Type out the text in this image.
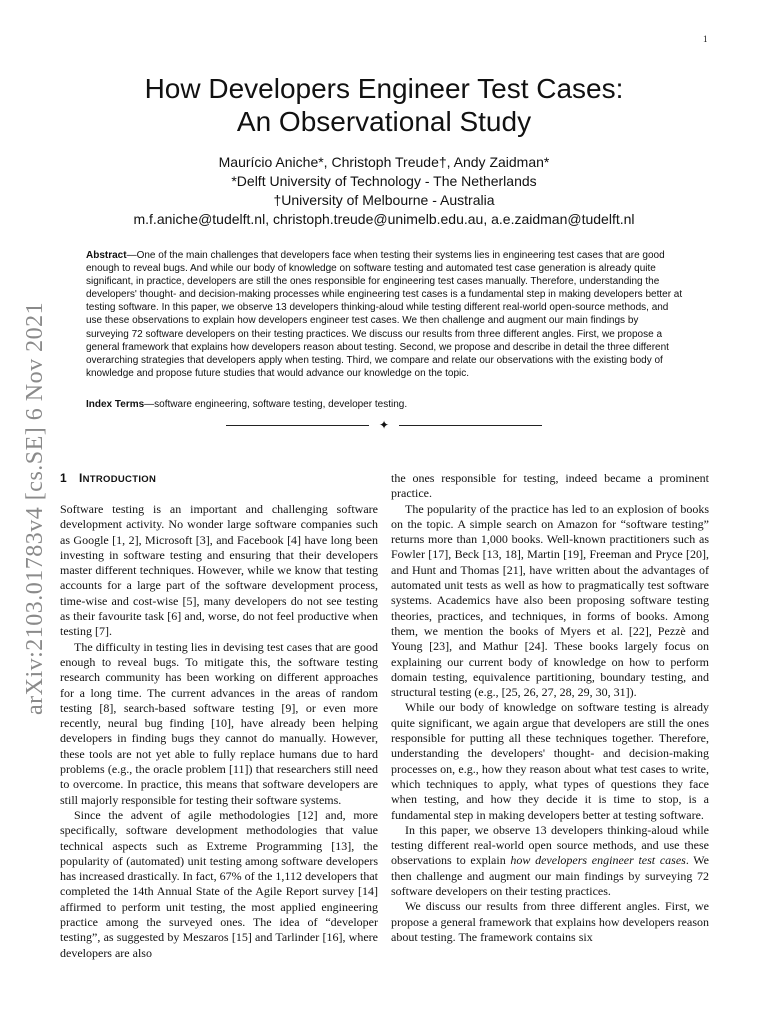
1
arXiv:2103.01783v4 [cs.SE] 6 Nov 2021
How Developers Engineer Test Cases:
An Observational Study
Maurício Aniche*, Christoph Treude†, Andy Zaidman*
*Delft University of Technology - The Netherlands
†University of Melbourne - Australia
m.f.aniche@tudelft.nl, christoph.treude@unimelb.edu.au, a.e.zaidman@tudelft.nl
Abstract—One of the main challenges that developers face when testing their systems lies in engineering test cases that are good enough to reveal bugs. And while our body of knowledge on software testing and automated test case generation is already quite significant, in practice, developers are still the ones responsible for engineering test cases manually. Therefore, understanding the developers' thought- and decision-making processes while engineering test cases is a fundamental step in making developers better at testing software. In this paper, we observe 13 developers thinking-aloud while testing different real-world open-source methods, and use these observations to explain how developers engineer test cases. We then challenge and augment our main findings by surveying 72 software developers on their testing practices. We discuss our results from three different angles. First, we propose a general framework that explains how developers reason about testing. Second, we propose and describe in detail the three different overarching strategies that developers apply when testing. Third, we compare and relate our observations with the existing body of knowledge and propose future studies that would advance our knowledge on the topic.
Index Terms—software engineering, software testing, developer testing.
✦
1 INTRODUCTION

Software testing is an important and challenging software development activity. No wonder large software companies such as Google [1, 2], Microsoft [3], and Facebook [4] have long been investing in software testing and ensuring that their developers master different techniques. However, while we know that testing accounts for a large part of the software development process, time-wise and cost-wise [5], many developers do not see testing as their favourite task [6] and, worse, do not feel productive when testing [7].

The difficulty in testing lies in devising test cases that are good enough to reveal bugs. To mitigate this, the software testing research community has been working on different approaches for a long time. The current advances in the areas of random testing [8], search-based software testing [9], or even more recently, neural bug finding [10], have already been helping developers in finding bugs they cannot do manually. However, these tools are not yet able to fully replace humans due to hard problems (e.g., the oracle problem [11]) that researchers still need to overcome. In practice, this means that software developers are still majorly responsible for testing their software systems.

Since the advent of agile methodologies [12] and, more specifically, software development methodologies that value technical aspects such as Extreme Programming [13], the popularity of (automated) unit testing among software developers has increased drastically. In fact, 67% of the 1,112 developers that completed the 14th Annual State of the Agile Report survey [14] affirmed to perform unit testing, the most applied engineering practice among the surveyed ones. The idea of “developer testing”, as suggested by Meszaros [15] and Tarlinder [16], where developers are also

the ones responsible for testing, indeed became a prominent practice.

The popularity of the practice has led to an explosion of books on the topic. A simple search on Amazon for “software testing” returns more than 1,000 books. Well-known practitioners such as Fowler [17], Beck [13, 18], Martin [19], Freeman and Pryce [20], and Hunt and Thomas [21], have written about the advantages of automated unit tests as well as how to pragmatically test software systems. Academics have also been proposing software testing theories, practices, and techniques, in forms of books. Among them, we mention the books of Myers et al. [22], Pezzè and Young [23], and Mathur [24]. These books largely focus on explaining our current body of knowledge on how to perform domain testing, equivalence partitioning, boundary testing, and structural testing (e.g., [25, 26, 27, 28, 29, 30, 31]).

While our body of knowledge on software testing is already quite significant, we again argue that developers are still the ones responsible for putting all these techniques together. Therefore, understanding the developers' thought- and decision-making processes on, e.g., how they reason about what test cases to write, which techniques to apply, what types of questions they face when testing, and how they decide it is time to stop, is a fundamental step in making developers better at testing software.

In this paper, we observe 13 developers thinking-aloud while testing different real-world open source methods, and use these observations to explain how developers engineer test cases. We then challenge and augment our main findings by surveying 72 software developers on their testing practices.

We discuss our results from three different angles. First, we propose a general framework that explains how developers reason about testing. The framework contains six
